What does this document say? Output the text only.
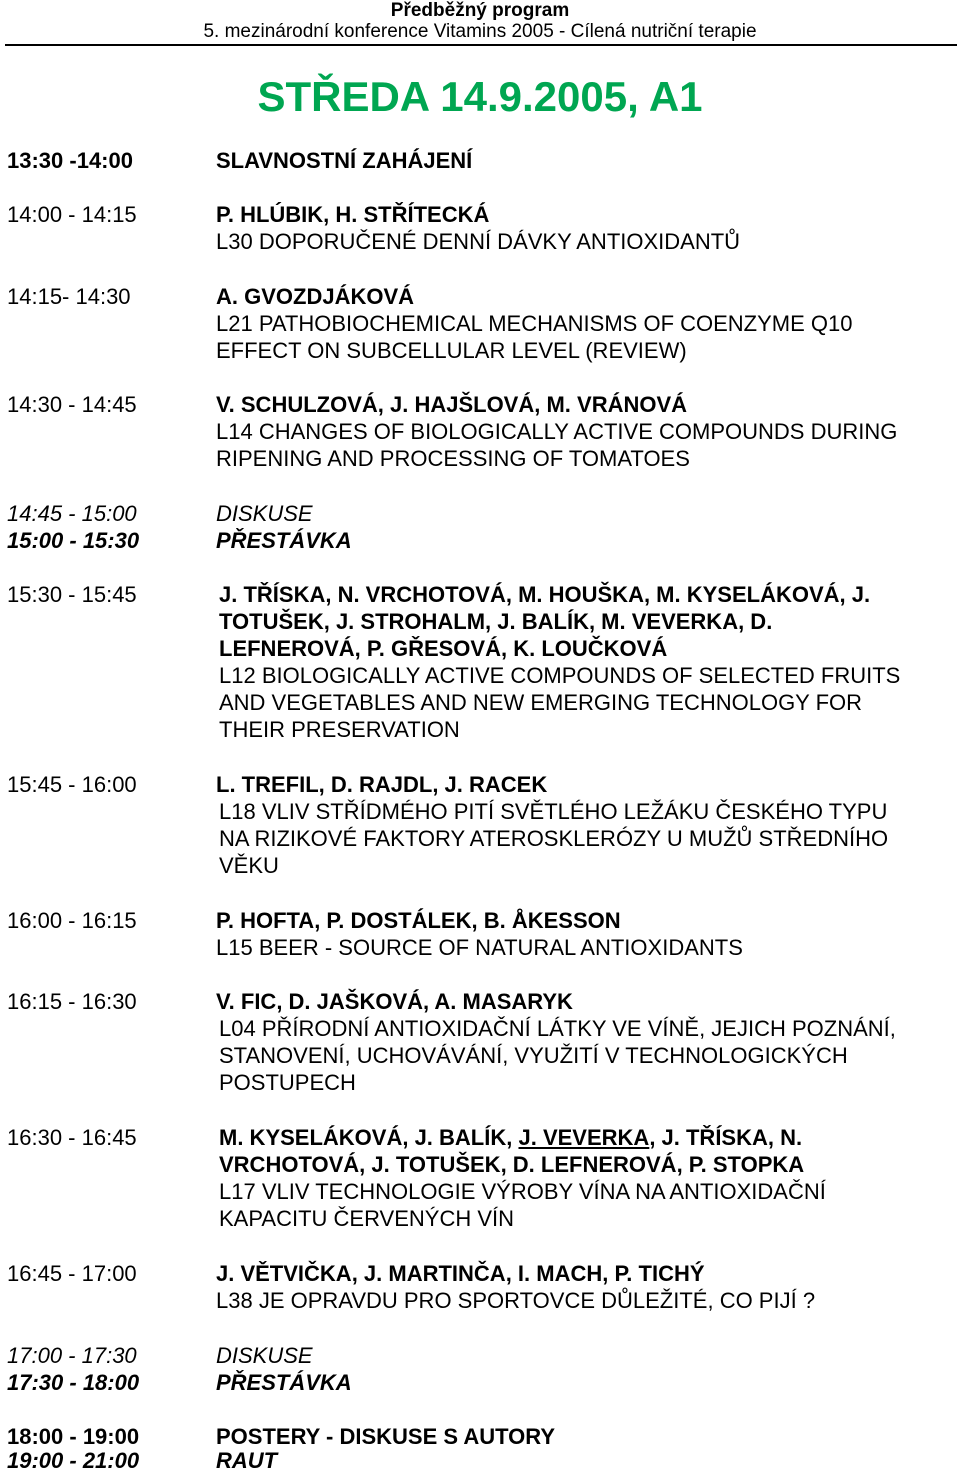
Předběžný program
5. mezinárodní konference Vitamins 2005 - Cílená nutriční terapie
STŘEDA 14.9.2005, A1
13:30 -14:00	SLAVNOSTNÍ ZAHÁJENÍ
14:00 - 14:15	P. HLÚBIK, H. STŘÍTECKÁ
L30 DOPORUČENÉ DENNÍ DÁVKY ANTIOXIDANTŮ
14:15- 14:30	A. GVOZDJÁKOVÁ
L21 PATHOBIOCHEMICAL MECHANISMS OF COENZYME Q10
EFFECT ON SUBCELLULAR LEVEL (REVIEW)
14:30 - 14:45	V. SCHULZOVÁ, J. HAJŠLOVÁ, M. VRÁNOVÁ
L14 CHANGES OF BIOLOGICALLY ACTIVE COMPOUNDS DURING
RIPENING AND PROCESSING OF TOMATOES
14:45 - 15:00	DISKUSE
15:00 - 15:30	PŘESTÁVKA
15:30 - 15:45	J. TŘÍSKA, N. VRCHOTOVÁ, M. HOUŠKA, M. KYSELÁKOVÁ, J.
TOTUŠEK, J. STROHALM, J. BALÍK, M. VEVERKA, D.
LEFNEROVÁ, P. GŘESOVÁ, K. LOUČKOVÁ
L12 BIOLOGICALLY ACTIVE COMPOUNDS OF SELECTED FRUITS
AND VEGETABLES AND NEW EMERGING TECHNOLOGY FOR
THEIR PRESERVATION
15:45 - 16:00	L. TREFIL, D. RAJDL, J. RACEK
L18 VLIV STŘÍDMÉHO PITÍ SVĚTLÉHO LEŽÁKU ČESKÉHO TYPU
NA RIZIKOVÉ FAKTORY ATEROSKLERÓZY U MUŽŮ STŘEDNÍHO
VĚKU
16:00 - 16:15	P. HOFTA, P. DOSTÁLEK, B. ÅKESSON
L15 BEER - SOURCE OF NATURAL ANTIOXIDANTS
16:15 - 16:30	V. FIC, D. JAŠKOVÁ, A. MASARYK
L04 PŘÍRODNÍ ANTIOXIDAČNÍ LÁTKY VE VÍNĚ, JEJICH POZNÁNÍ,
STANOVENÍ, UCHOVÁVÁNÍ, VYUŽITÍ V TECHNOLOGICKÝCH
POSTUPECH
16:30 - 16:45	M. KYSELÁKOVÁ, J. BALÍK, J. VEVERKA, J. TŘÍSKA, N.
VRCHOTOVÁ, J. TOTUŠEK, D. LEFNEROVÁ, P. STOPKA
L17 VLIV TECHNOLOGIE VÝROBY VÍNA NA ANTIOXIDAČNÍ
KAPACITU ČERVENÝCH VÍN
16:45 - 17:00	J. VĚTVIČKA, J. MARTINČA, I. MACH, P. TICHÝ
L38 JE OPRAVDU PRO SPORTOVCE DŮLEŽITÉ, CO PIJÍ ?
17:00 - 17:30	DISKUSE
17:30 - 18:00	PŘESTÁVKA
18:00 - 19:00	POSTERY - DISKUSE S AUTORY
19:00 - 21:00	RAUT
